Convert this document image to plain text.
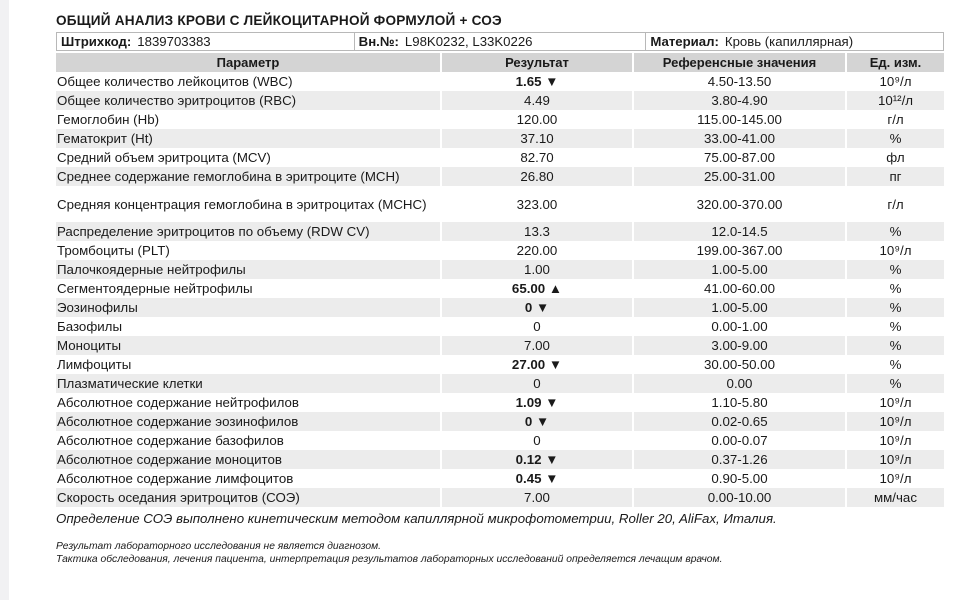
ОБЩИЙ АНАЛИЗ КРОВИ С ЛЕЙКОЦИТАРНОЙ ФОРМУЛОЙ + СОЭ
Штрихкод: 1839703383	Вн.№: L98K0232, L33K0226	Материал: Кровь (капиллярная)
Параметр	Результат	Референсные значения	Ед. изм.
Общее количество лейкоцитов (WBC)	1.65 ▼	4.50-13.50	10⁹/л
Общее количество эритроцитов (RBC)	4.49	3.80-4.90	10¹²/л
Гемоглобин (Hb)	120.00	115.00-145.00	г/л
Гематокрит (Ht)	37.10	33.00-41.00	%
Средний объем эритроцита (MCV)	82.70	75.00-87.00	фл
Среднее содержание гемоглобина в эритроците (MCH)	26.80	25.00-31.00	пг
Средняя концентрация гемоглобина в эритроцитах (MCHC)	323.00	320.00-370.00	г/л
Распределение эритроцитов по объему (RDW CV)	13.3	12.0-14.5	%
Тромбоциты (PLT)	220.00	199.00-367.00	10⁹/л
Палочкоядерные нейтрофилы	1.00	1.00-5.00	%
Сегментоядерные нейтрофилы	65.00 ▲	41.00-60.00	%
Эозинофилы	0 ▼	1.00-5.00	%
Базофилы	0	0.00-1.00	%
Моноциты	7.00	3.00-9.00	%
Лимфоциты	27.00 ▼	30.00-50.00	%
Плазматические клетки	0	0.00	%
Абсолютное содержание нейтрофилов	1.09 ▼	1.10-5.80	10⁹/л
Абсолютное содержание эозинофилов	0 ▼	0.02-0.65	10⁹/л
Абсолютное содержание базофилов	0	0.00-0.07	10⁹/л
Абсолютное содержание моноцитов	0.12 ▼	0.37-1.26	10⁹/л
Абсолютное содержание лимфоцитов	0.45 ▼	0.90-5.00	10⁹/л
Скорость оседания эритроцитов (СОЭ)	7.00	0.00-10.00	мм/час
Определение СОЭ выполнено кинетическим методом капиллярной микрофотометрии, Roller 20, AliFax, Италия.
Результат лабораторного исследования не является диагнозом.
Тактика обследования, лечения пациента, интерпретация результатов лабораторных исследований определяется лечащим врачом.
